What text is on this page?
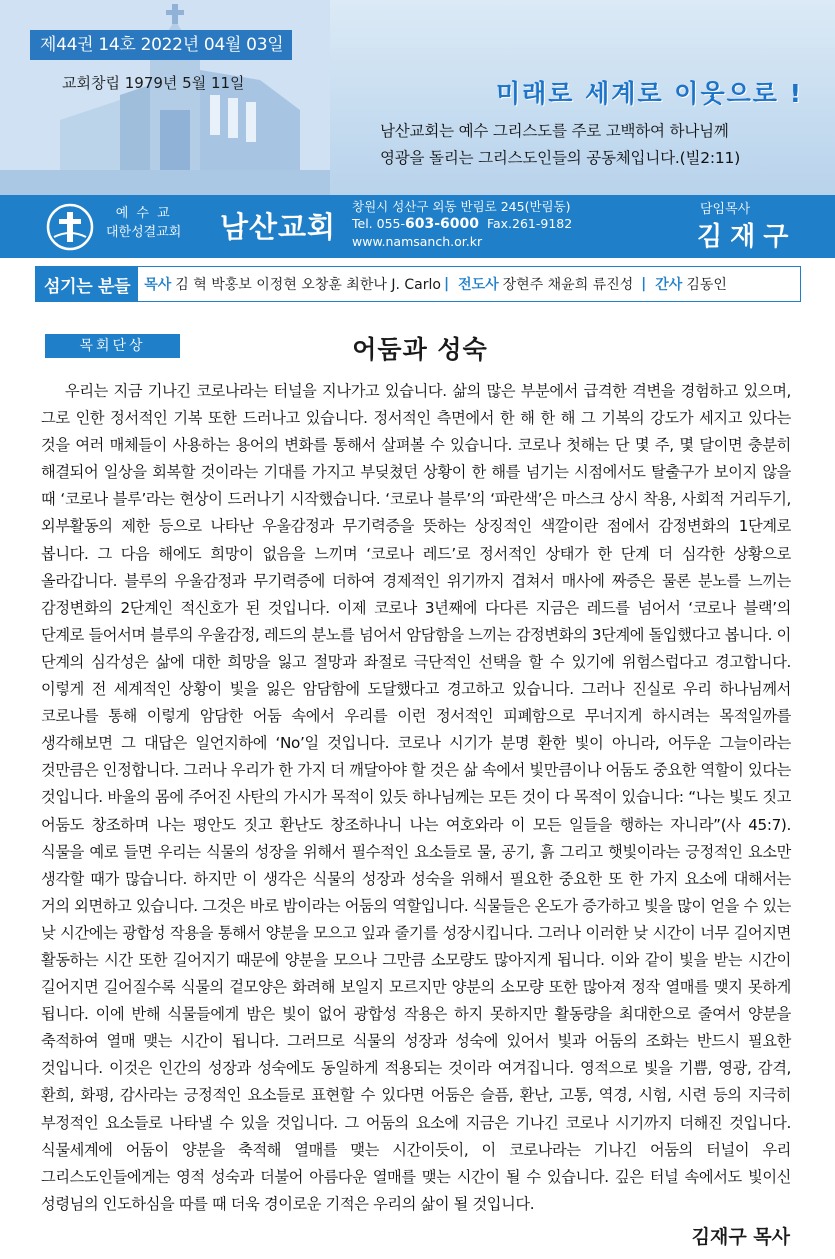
제44권 14호 2022년 04월 03일
교회창립 1979년 5월 11일	미래로 세계로 이웃으로 !
남산교회는 예수 그리스도를 주로 고백하여 하나님께
영광을 돌리는 그리스도인들의 공동체입니다.(빌2:11)
예 수 교
대한성결교회 남산교회
창원시 성산구 외동 반림로 245(반림동)
Tel. 055-603-6000 Fax.261-9182
www.namsanch.or.kr
담임목사
김재구
섬기는 분들	목사 김 혁 박홍보 이정현 오창훈 최한나 J. Carlo | 전도사 장현주 채윤희 류진성 | 간사 김동인
목회단상	어둠과 성숙
우리는 지금 기나긴 코로나라는 터널을 지나가고 있습니다. 삶의 많은 부분에서 급격한 격변을 경험하고 있으며, 그로 인한 정서적인 기복 또한 드러나고 있습니다. 정서적인 측면에서 한 해 한 해 그 기복의 강도가 세지고 있다는 것을 여러 매체들이 사용하는 용어의 변화를 통해서 살펴볼 수 있습니다. 코로나 첫해는 단 몇 주, 몇 달이면 충분히 해결되어 일상을 회복할 것이라는 기대를 가지고 부딪쳤던 상황이 한 해를 넘기는 시점에서도 탈출구가 보이지 않을 때 ‘코로나 블루’라는 현상이 드러나기 시작했습니다. ‘코로나 블루’의 ‘파란색’은 마스크 상시 착용, 사회적 거리두기, 외부활동의 제한 등으로 나타난 우울감정과 무기력증을 뜻하는 상징적인 색깔이란 점에서 감정변화의 1단계로 봅니다. 그 다음 해에도 희망이 없음을 느끼며 ‘코로나 레드’로 정서적인 상태가 한 단계 더 심각한 상황으로 올라갑니다. 블루의 우울감정과 무기력증에 더하여 경제적인 위기까지 겹쳐서 매사에 짜증은 물론 분노를 느끼는 감정변화의 2단계인 적신호가 된 것입니다. 이제 코로나 3년째에 다다른 지금은 레드를 넘어서 ‘코로나 블랙’의 단계로 들어서며 블루의 우울감정, 레드의 분노를 넘어서 암담함을 느끼는 감정변화의 3단계에 돌입했다고 봅니다. 이 단계의 심각성은 삶에 대한 희망을 잃고 절망과 좌절로 극단적인 선택을 할 수 있기에 위험스럽다고 경고합니다. 이렇게 전 세계적인 상황이 빛을 잃은 암담함에 도달했다고 경고하고 있습니다. 그러나 진실로 우리 하나님께서 코로나를 통해 이렇게 암담한 어둠 속에서 우리를 이런 정서적인 피폐함으로 무너지게 하시려는 목적일까를 생각해보면 그 대답은 일언지하에 ‘No’일 것입니다. 코로나 시기가 분명 환한 빛이 아니라, 어두운 그늘이라는 것만큼은 인정합니다. 그러나 우리가 한 가지 더 깨달아야 할 것은 삶 속에서 빛만큼이나 어둠도 중요한 역할이 있다는 것입니다. 바울의 몸에 주어진 사탄의 가시가 목적이 있듯 하나님께는 모든 것이 다 목적이 있습니다: “나는 빛도 짓고 어둠도 창조하며 나는 평안도 짓고 환난도 창조하나니 나는 여호와라 이 모든 일들을 행하는 자니라”(사 45:7). 식물을 예로 들면 우리는 식물의 성장을 위해서 필수적인 요소들로 물, 공기, 흙 그리고 햇빛이라는 긍정적인 요소만 생각할 때가 많습니다. 하지만 이 생각은 식물의 성장과 성숙을 위해서 필요한 중요한 또 한 가지 요소에 대해서는 거의 외면하고 있습니다. 그것은 바로 밤이라는 어둠의 역할입니다. 식물들은 온도가 증가하고 빛을 많이 얻을 수 있는 낮 시간에는 광합성 작용을 통해서 양분을 모으고 잎과 줄기를 성장시킵니다. 그러나 이러한 낮 시간이 너무 길어지면 활동하는 시간 또한 길어지기 때문에 양분을 모으나 그만큼 소모량도 많아지게 됩니다. 이와 같이 빛을 받는 시간이 길어지면 길어질수록 식물의 겉모양은 화려해 보일지 모르지만 양분의 소모량 또한 많아져 정작 열매를 맺지 못하게 됩니다. 이에 반해 식물들에게 밤은 빛이 없어 광합성 작용은 하지 못하지만 활동량을 최대한으로 줄여서 양분을 축적하여 열매 맺는 시간이 됩니다. 그러므로 식물의 성장과 성숙에 있어서 빛과 어둠의 조화는 반드시 필요한 것입니다. 이것은 인간의 성장과 성숙에도 동일하게 적용되는 것이라 여겨집니다. 영적으로 빛을 기쁨, 영광, 감격, 환희, 화평, 감사라는 긍정적인 요소들로 표현할 수 있다면 어둠은 슬픔, 환난, 고통, 역경, 시험, 시련 등의 지극히 부정적인 요소들로 나타낼 수 있을 것입니다. 그 어둠의 요소에 지금은 기나긴 코로나 시기까지 더해진 것입니다. 식물세계에 어둠이 양분을 축적해 열매를 맺는 시간이듯이, 이 코로나라는 기나긴 어둠의 터널이 우리 그리스도인들에게는 영적 성숙과 더불어 아름다운 열매를 맺는 시간이 될 수 있습니다. 깊은 터널 속에서도 빛이신 성령님의 인도하심을 따를 때 더욱 경이로운 기적은 우리의 삶이 될 것입니다.
김재구 목사
